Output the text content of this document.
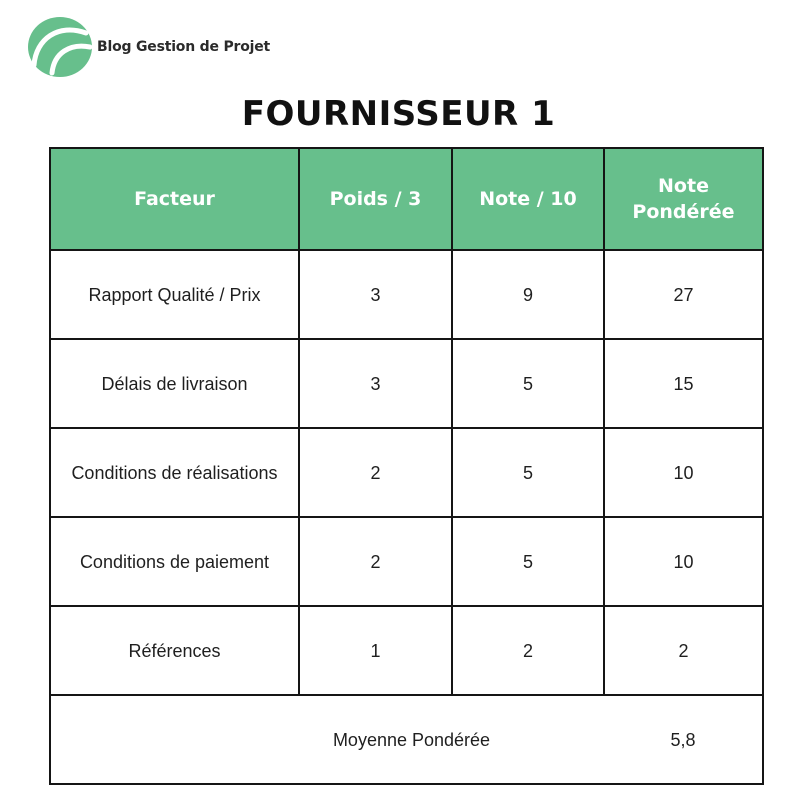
Blog Gestion de Projet
FOURNISSEUR 1
Facteur	Poids / 3	Note / 10	Note Pondérée
Rapport Qualité / Prix	3	9	27
Délais de livraison	3	5	15
Conditions de réalisations	2	5	10
Conditions de paiement	2	5	10
Références	1	2	2
Moyenne Pondérée			5,8
